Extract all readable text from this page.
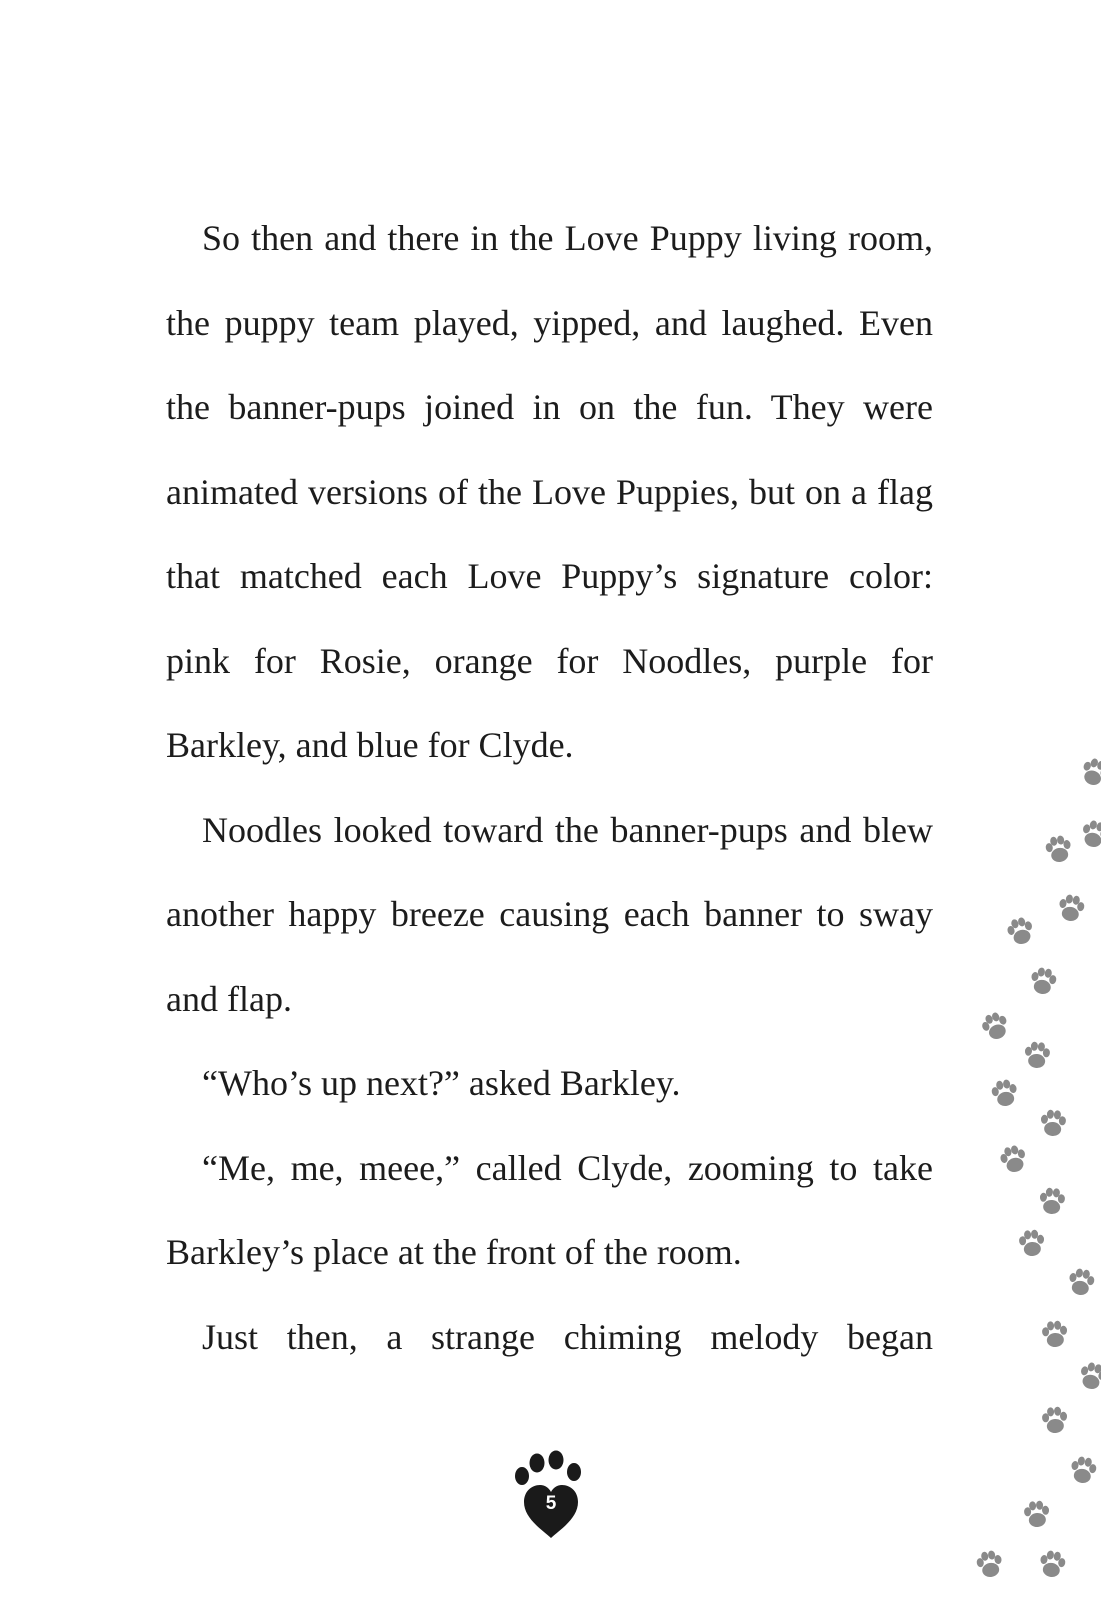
So then and there in the Love Puppy living room, the puppy team played, yipped, and laughed. Even the banner-pups joined in on the fun. They were animated versions of the Love Puppies, but on a flag that matched each Love Puppy’s signature color: pink for Rosie, orange for Noodles, purple for Barkley, and blue for Clyde.

Noodles looked toward the banner-pups and blew another happy breeze causing each banner to sway and flap.

“Who’s up next?” asked Barkley.

“Me, me, meee,” called Clyde, zooming to take Barkley’s place at the front of the room.

Just then, a strange chiming melody began

5
